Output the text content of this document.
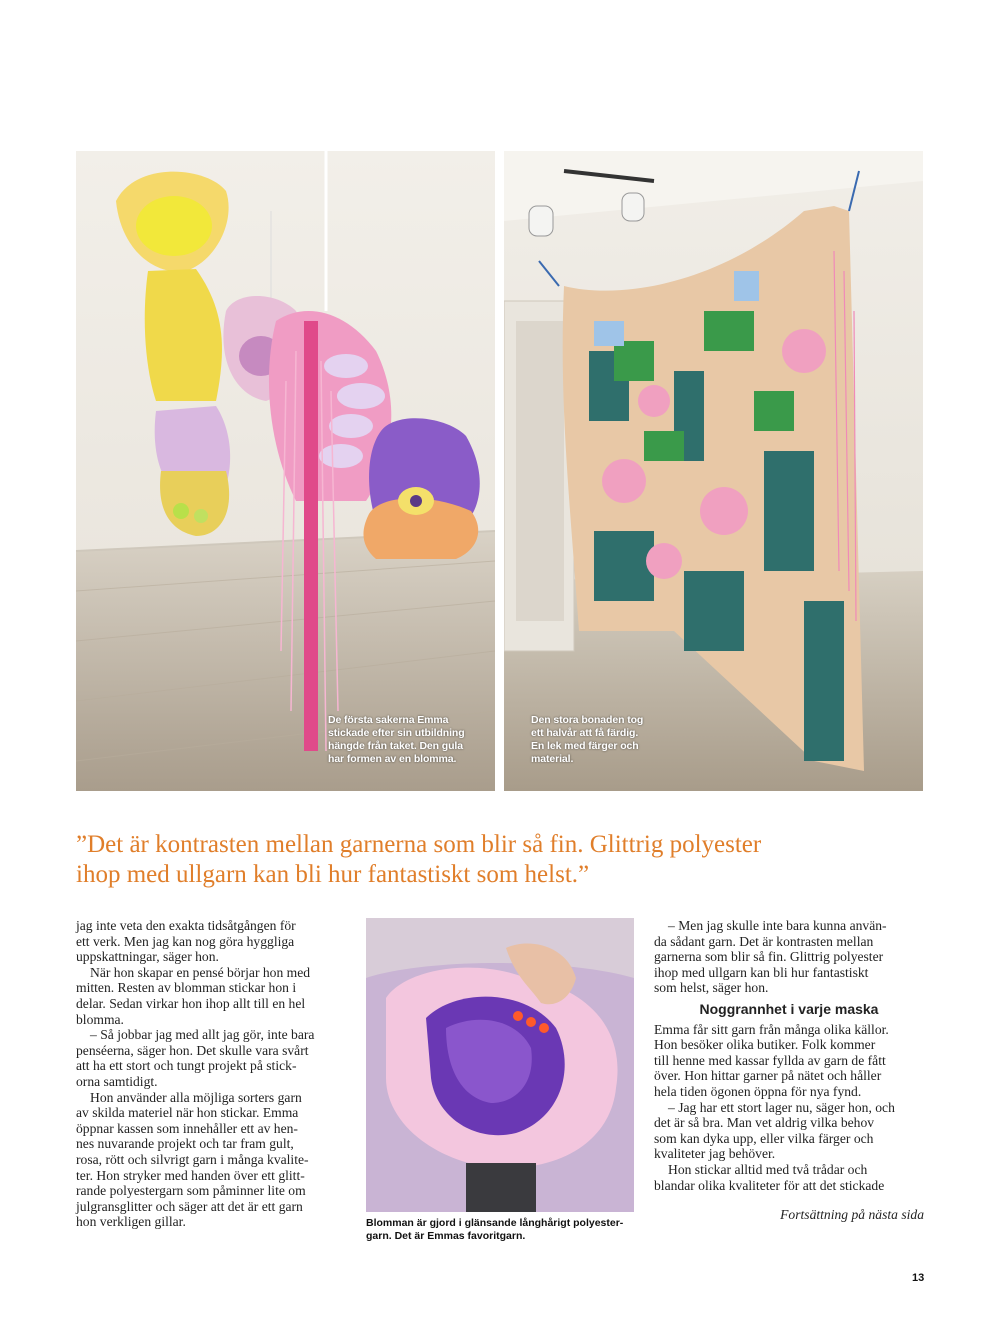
De första sakerna Emma
stickade efter sin utbildning
hängde från taket. Den gula
har formen av en blomma.
Den stora bonaden tog
ett halvår att få färdig.
En lek med färger och
material.
”Det är kontrasten mellan garnerna som blir så fin. Glittrig polyester
ihop med ullgarn kan bli hur fantastiskt som helst.”
jag inte veta den exakta tidsåtgången för
ett verk. Men jag kan nog göra hyggliga
uppskattningar, säger hon.
När hon skapar en pensé börjar hon med
mitten. Resten av blomman stickar hon i
delar. Sedan virkar hon ihop allt till en hel
blomma.
– Så jobbar jag med allt jag gör, inte bara
penséerna, säger hon. Det skulle vara svårt
att ha ett stort och tungt projekt på stick-
orna samtidigt.
Hon använder alla möjliga sorters garn
av skilda materiel när hon stickar. Emma
öppnar kassen som innehåller ett av hen-
nes nuvarande projekt och tar fram gult,
rosa, rött och silvrigt garn i många kvalite-
ter. Hon stryker med handen över ett glitt-
rande polyestergarn som påminner lite om
julgransglitter och säger att det är ett garn
hon verkligen gillar.	Blomman är gjord i glänsande långhårigt polyester-
garn. Det är Emmas favoritgarn.
– Men jag skulle inte bara kunna använ-
da sådant garn. Det är kontrasten mellan
garnerna som blir så fin. Glittrig polyester
ihop med ullgarn kan bli hur fantastiskt
som helst, säger hon.
Noggrannhet i varje maska
Emma får sitt garn från många olika källor.
Hon besöker olika butiker. Folk kommer
till henne med kassar fyllda av garn de fått
över. Hon hittar garner på nätet och håller
hela tiden ögonen öppna för nya fynd.
– Jag har ett stort lager nu, säger hon, och
det är så bra. Man vet aldrig vilka behov
som kan dyka upp, eller vilka färger och
kvaliteter jag behöver.
Hon stickar alltid med två trådar och
blandar olika kvaliteter för att det stickade
Fortsättning på nästa sida
13
